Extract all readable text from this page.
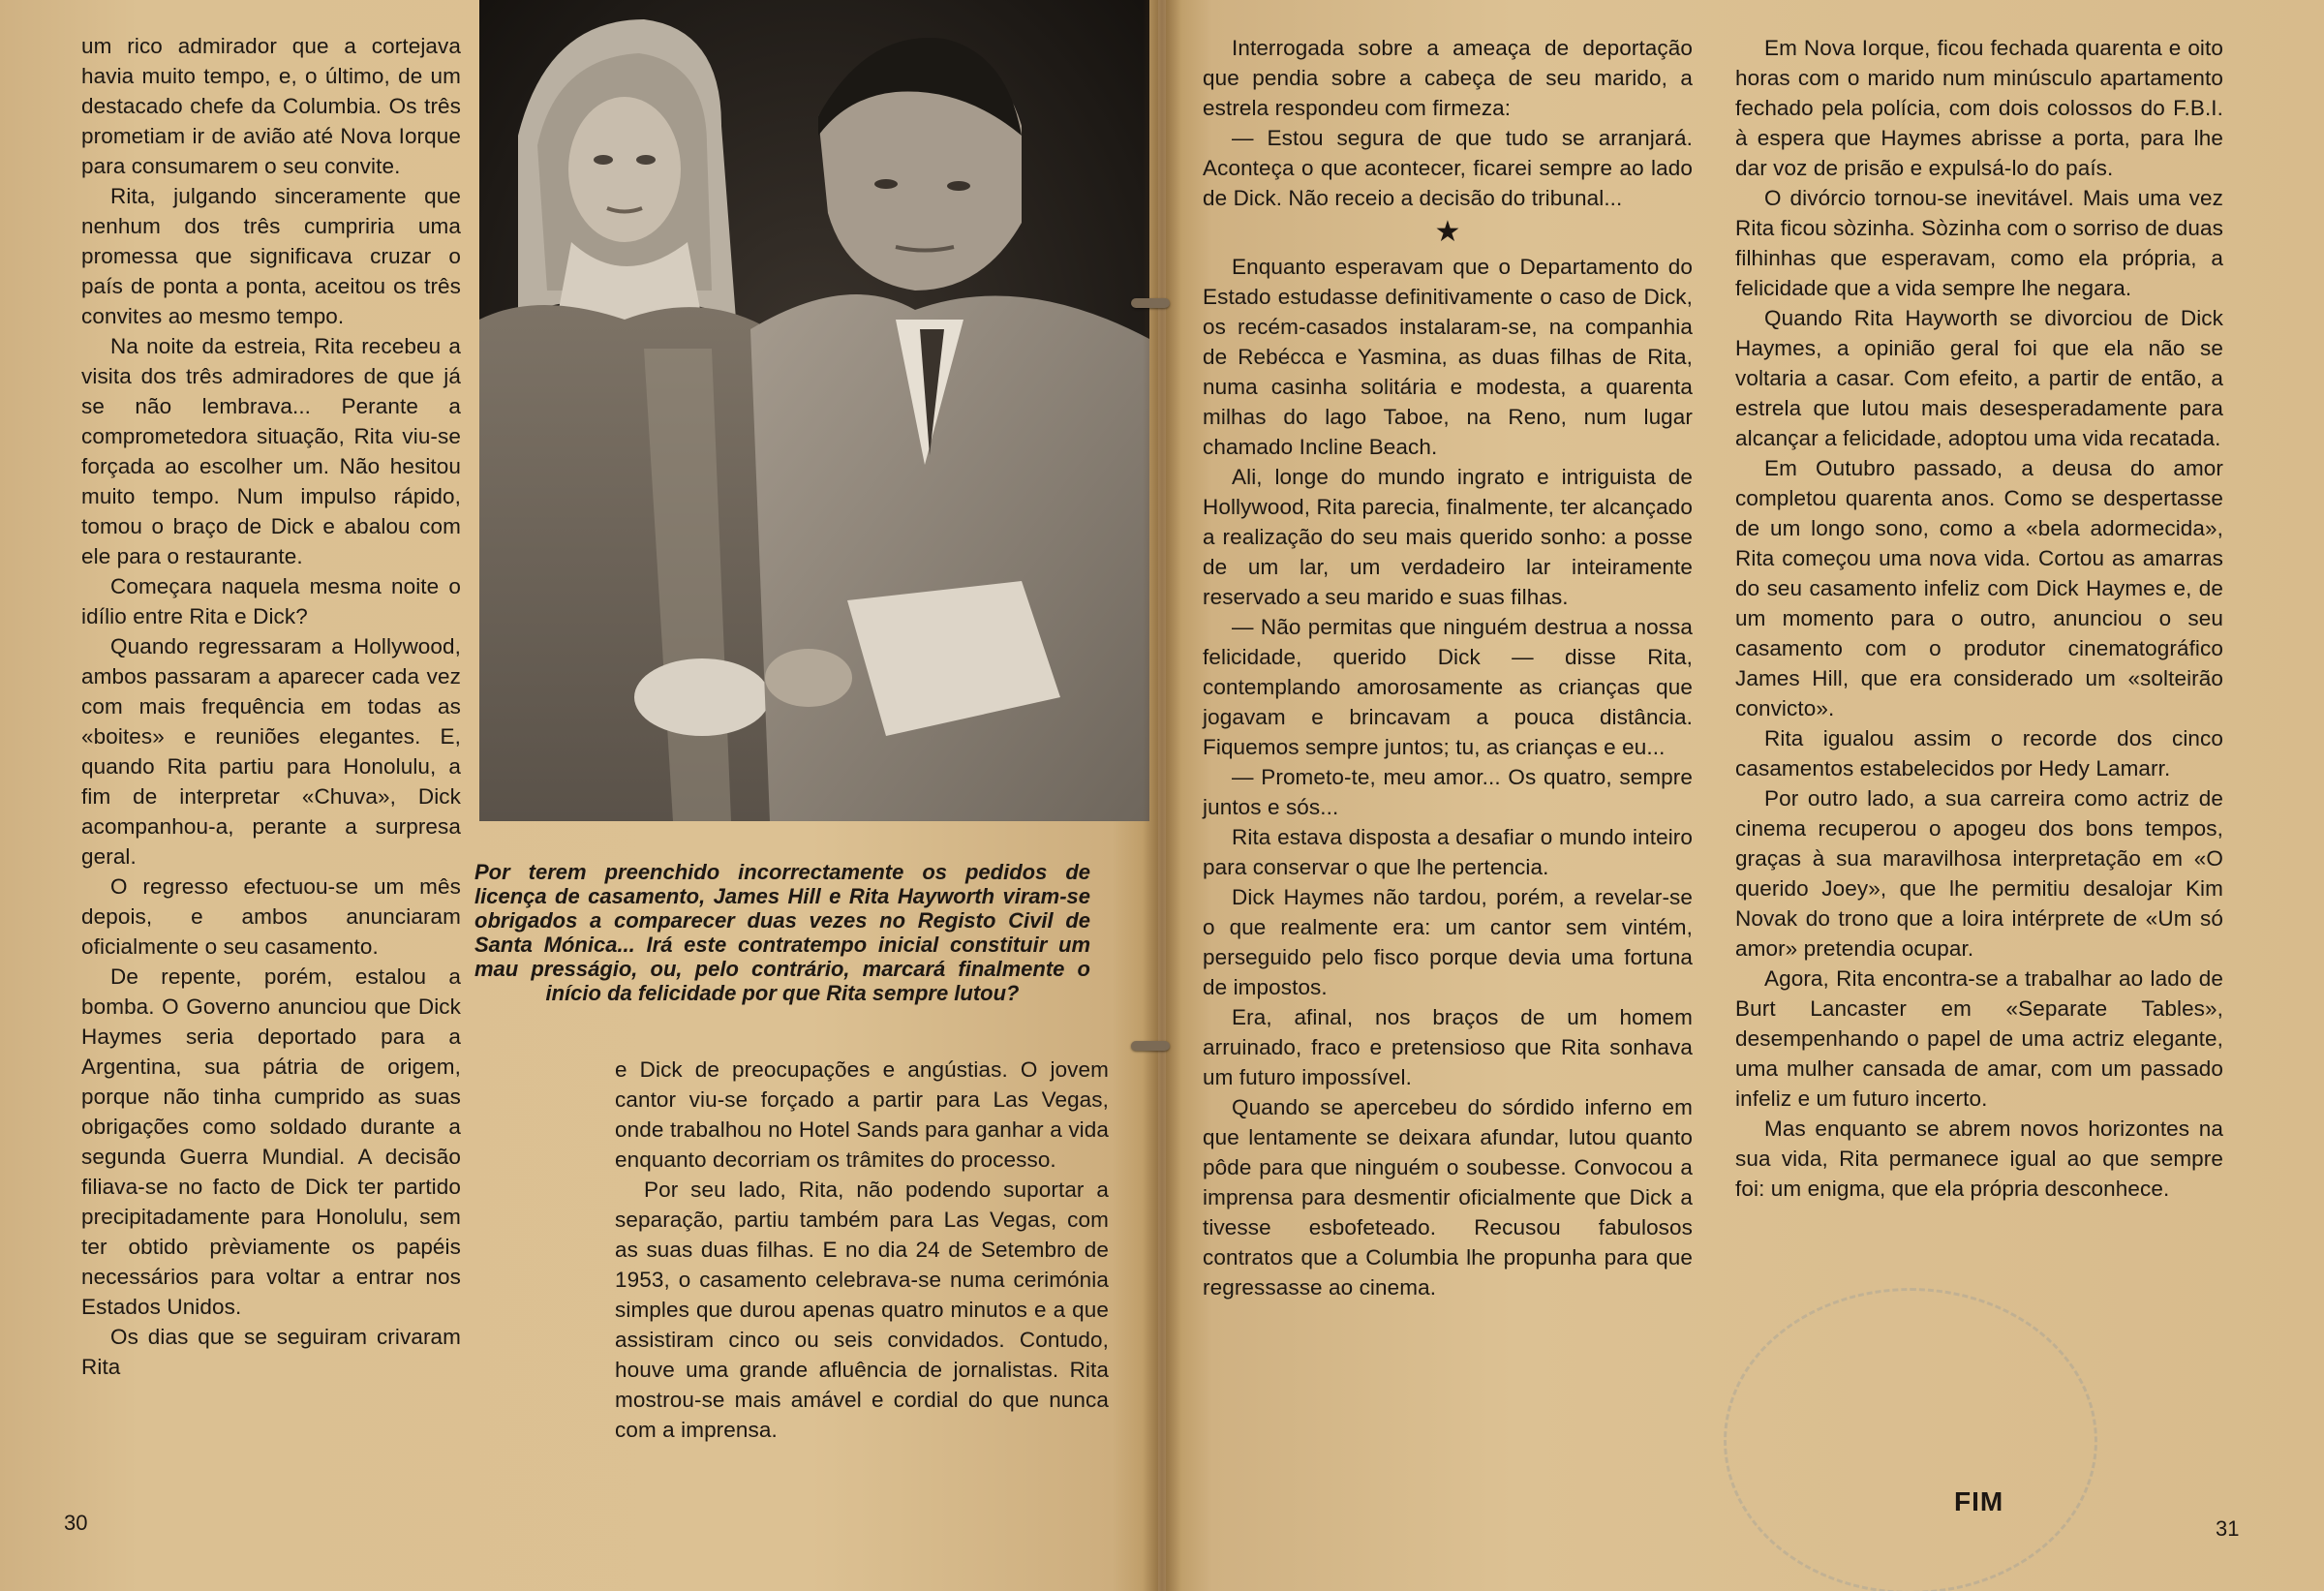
um rico admirador que a cortejava havia muito tempo, e, o último, de um destacado chefe da Columbia. Os três prometiam ir de avião até Nova Iorque para consumarem o seu convite.

Rita, julgando sinceramente que nenhum dos três cumpriria uma promessa que significava cruzar o país de ponta a ponta, aceitou os três convites ao mesmo tempo.

Na noite da estreia, Rita recebeu a visita dos três admiradores de que já se não lembrava... Perante a comprometedora situação, Rita viu-se forçada ao escolher um. Não hesitou muito tempo. Num impulso rápido, tomou o braço de Dick e abalou com ele para o restaurante.

Começara naquela mesma noite o idílio entre Rita e Dick?

Quando regressaram a Hollywood, ambos passaram a aparecer cada vez com mais frequência em todas as «boites» e reuniões elegantes. E, quando Rita partiu para Honolulu, a fim de interpretar «Chuva», Dick acompanhou-a, perante a surpresa geral.

O regresso efectuou-se um mês depois, e ambos anunciaram oficialmente o seu casamento.

De repente, porém, estalou a bomba. O Governo anunciou que Dick Haymes seria deportado para a Argentina, sua pátria de origem, porque não tinha cumprido as suas obrigações como soldado durante a segunda Guerra Mundial. A decisão filiava-se no facto de Dick ter partido precipitadamente para Honolulu, sem ter obtido prèviamente os papéis necessários para voltar a entrar nos Estados Unidos.

Os dias que se seguiram crivaram Rita

Por terem preenchido incorrectamente os pedidos de licença de casamento, James Hill e Rita Hayworth viram-se obrigados a comparecer duas vezes no Registo Civil de Santa Mónica... Irá este contratempo inicial constituir um mau presságio, ou, pelo contrário, marcará finalmente o início da felicidade por que Rita sempre lutou?

e Dick de preocupações e angústias. O jovem cantor viu-se forçado a partir para Las Vegas, onde trabalhou no Hotel Sands para ganhar a vida enquanto decorriam os trâmites do processo.

Por seu lado, Rita, não podendo suportar a separação, partiu também para Las Vegas, com as suas duas filhas. E no dia 24 de Setembro de 1953, o casamento celebrava-se numa cerimónia simples que durou apenas quatro minutos e a que assistiram cinco ou seis convidados. Contudo, houve uma grande afluência de jornalistas. Rita mostrou-se mais amável e cordial do que nunca com a imprensa.

30

Interrogada sobre a ameaça de deportação que pendia sobre a cabeça de seu marido, a estrela respondeu com firmeza:

— Estou segura de que tudo se arranjará. Aconteça o que acontecer, ficarei sempre ao lado de Dick. Não receio a decisão do tribunal...

★

Enquanto esperavam que o Departamento do Estado estudasse definitivamente o caso de Dick, os recém-casados instalaram-se, na companhia de Rebécca e Yasmina, as duas filhas de Rita, numa casinha solitária e modesta, a quarenta milhas do lago Taboe, na Reno, num lugar chamado Incline Beach.

Ali, longe do mundo ingrato e intriguista de Hollywood, Rita parecia, finalmente, ter alcançado a realização do seu mais querido sonho: a posse de um lar, um verdadeiro lar inteiramente reservado a seu marido e suas filhas.

— Não permitas que ninguém destrua a nossa felicidade, querido Dick — disse Rita, contemplando amorosamente as crianças que jogavam e brincavam a pouca distância. Fiquemos sempre juntos; tu, as crianças e eu...

— Prometo-te, meu amor... Os quatro, sempre juntos e sós...

Rita estava disposta a desafiar o mundo inteiro para conservar o que lhe pertencia.

Dick Haymes não tardou, porém, a revelar-se o que realmente era: um cantor sem vintém, perseguido pelo fisco porque devia uma fortuna de impostos.

Era, afinal, nos braços de um homem arruinado, fraco e pretensioso que Rita sonhava um futuro impossível.

Quando se apercebeu do sórdido inferno em que lentamente se deixara afundar, lutou quanto pôde para que ninguém o soubesse. Convocou a imprensa para desmentir oficialmente que Dick a tivesse esbofeteado. Recusou fabulosos contratos que a Columbia lhe propunha para que regressasse ao cinema.

Em Nova Iorque, ficou fechada quarenta e oito horas com o marido num minúsculo apartamento fechado pela polícia, com dois colossos do F.B.I. à espera que Haymes abrisse a porta, para lhe dar voz de prisão e expulsá-lo do país.

O divórcio tornou-se inevitável. Mais uma vez Rita ficou sòzinha. Sòzinha com o sorriso de duas filhinhas que esperavam, como ela própria, a felicidade que a vida sempre lhe negara.

Quando Rita Hayworth se divorciou de Dick Haymes, a opinião geral foi que ela não se voltaria a casar. Com efeito, a partir de então, a estrela que lutou mais desesperadamente para alcançar a felicidade, adoptou uma vida recatada.

Em Outubro passado, a deusa do amor completou quarenta anos. Como se despertasse de um longo sono, como a «bela adormecida», Rita começou uma nova vida. Cortou as amarras do seu casamento infeliz com Dick Haymes e, de um momento para o outro, anunciou o seu casamento com o produtor cinematográfico James Hill, que era considerado um «solteirão convicto».

Rita igualou assim o recorde dos cinco casamentos estabelecidos por Hedy Lamarr.

Por outro lado, a sua carreira como actriz de cinema recuperou o apogeu dos bons tempos, graças à sua maravilhosa interpretação em «O querido Joey», que lhe permitiu desalojar Kim Novak do trono que a loira intérprete de «Um só amor» pretendia ocupar.

Agora, Rita encontra-se a trabalhar ao lado de Burt Lancaster em «Separate Tables», desempenhando o papel de uma actriz elegante, uma mulher cansada de amar, com um passado infeliz e um futuro incerto.

Mas enquanto se abrem novos horizontes na sua vida, Rita permanece igual ao que sempre foi: um enigma, que ela própria desconhece.

FIM
31
